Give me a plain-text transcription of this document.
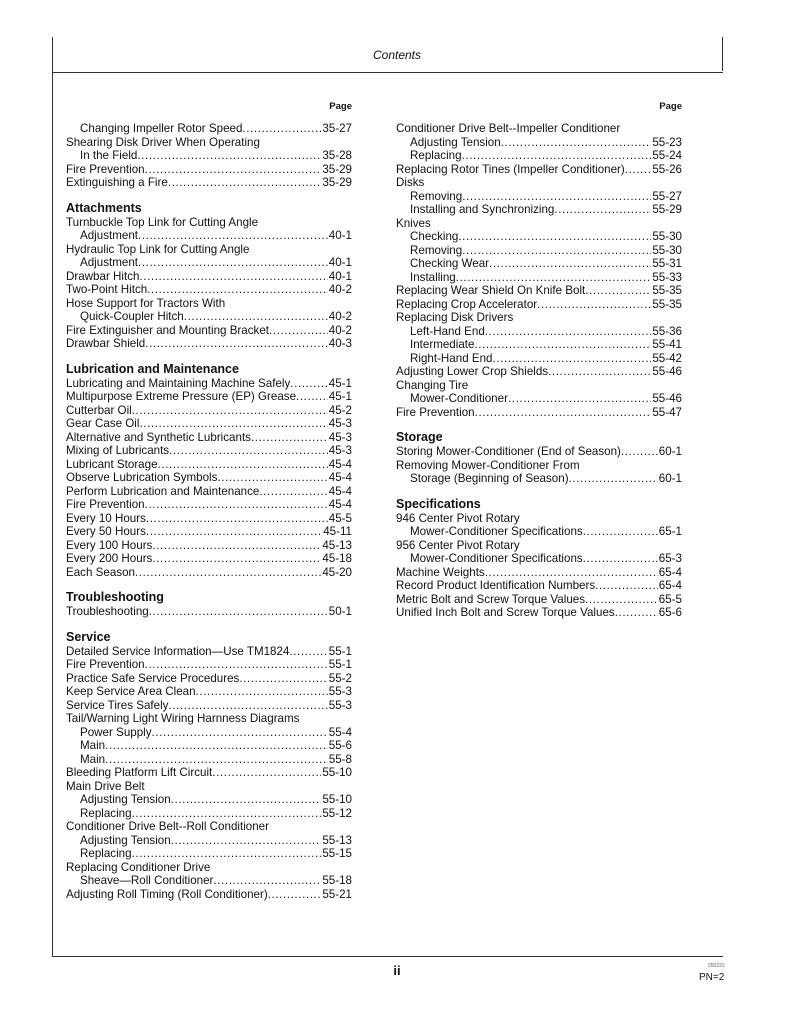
Contents
Page
Changing Impeller Rotor Speed .....	35-27
Shearing Disk Driver When Operating
In the Field .....	35-28
Fire Prevention .....	35-29
Extinguishing a Fire .....	35-29
Attachments
Turnbuckle Top Link for Cutting Angle
Adjustment .....	40-1
Hydraulic Top Link for Cutting Angle
Adjustment .....	40-1
Drawbar Hitch .....	40-1
Two-Point Hitch .....	40-2
Hose Support for Tractors With
Quick-Coupler Hitch .....	40-2
Fire Extinguisher and Mounting Bracket .....	40-2
Drawbar Shield .....	40-3
Lubrication and Maintenance
Lubricating and Maintaining Machine Safely .....	45-1
Multipurpose Extreme Pressure (EP) Grease .....	45-1
Cutterbar Oil .....	45-2
Gear Case Oil .....	45-3
Alternative and Synthetic Lubricants .....	45-3
Mixing of Lubricants .....	45-3
Lubricant Storage .....	45-4
Observe Lubrication Symbols .....	45-4
Perform Lubrication and Maintenance .....	45-4
Fire Prevention .....	45-4
Every 10 Hours .....	45-5
Every 50 Hours .....	45-11
Every 100 Hours .....	45-13
Every 200 Hours .....	45-18
Each Season .....	45-20
Troubleshooting
Troubleshooting .....	50-1
Service
Detailed Service Information—Use TM1824 .....	55-1
Fire Prevention .....	55-1
Practice Safe Service Procedures .....	55-2
Keep Service Area Clean .....	55-3
Service Tires Safely .....	55-3
Tail/Warning Light Wiring Harnness Diagrams
Power Supply .....	55-4
Main .....	55-6
Main .....	55-8
Bleeding Platform Lift Circuit .....	55-10
Main Drive Belt
Adjusting Tension .....	55-10
Replacing .....	55-12
Conditioner Drive Belt--Roll Conditioner
Adjusting Tension .....	55-13
Replacing .....	55-15
Replacing Conditioner Drive
Sheave—Roll Conditioner .....	55-18
Adjusting Roll Timing (Roll Conditioner) .....	55-21
Page
Conditioner Drive Belt--Impeller Conditioner
Adjusting Tension .....	55-23
Replacing .....	55-24
Replacing Rotor Tines (Impeller Conditioner) ..... 55-26
Disks
Removing .....	55-27
Installing and Synchronizing .....	55-29
Knives
Checking .....	55-30
Removing .....	55-30
Checking Wear .....	55-31
Installing .....	55-33
Replacing Wear Shield On Knife Bolt .....	55-35
Replacing Crop Accelerator .....	55-35
Replacing Disk Drivers
Left-Hand End .....	55-36
Intermediate .....	55-41
Right-Hand End .....	55-42
Adjusting Lower Crop Shields .....	55-46
Changing Tire
Mower-Conditioner .....	55-46
Fire Prevention .....	55-47
Storage
Storing Mower-Conditioner (End of Season) .....	60-1
Removing Mower-Conditioner From
Storage (Beginning of Season) .....	60-1
Specifications
946 Center Pivot Rotary
Mower-Conditioner Specifications .....	65-1
956 Center Pivot Rotary
Mower-Conditioner Specifications .....	65-3
Machine Weights .....	65-4
Record Product Identification Numbers .....	65-4
Metric Bolt and Screw Torque Values .....	65-5
Unified Inch Bolt and Screw Torque Values .....	65-6
ii	050222
PN=2
